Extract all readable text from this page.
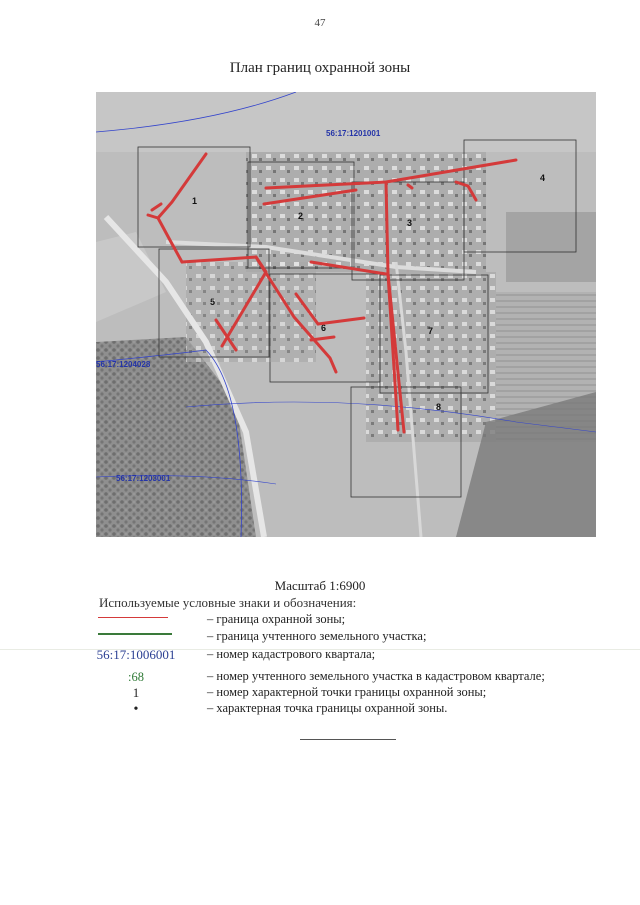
47
План границ охранной зоны
1
2
3
4
5
6	7
8
56:17:1201001
56:17:1204028
56:17:1203001
Масштаб 1:6900
Используемые условные знаки и обозначения:
– граница охранной зоны;
– граница учтенного земельного участка;
56:17:1006001	– номер кадастрового квартала;
:68	– номер учтенного земельного участка в кадастровом квартале;
1	– номер характерной точки границы охранной зоны;
•	– характерная точка границы охранной зоны.
